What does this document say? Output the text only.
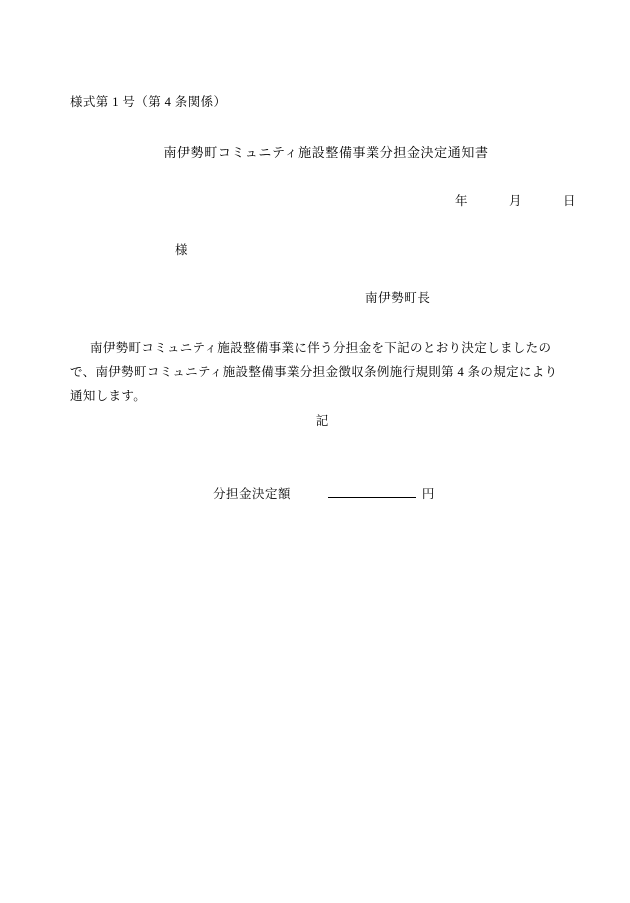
様式第 1 号（第 4 条関係）
南伊勢町コミュニティ施設整備事業分担金決定通知書
年	月	日
様
南伊勢町長
南伊勢町コミュニティ施設整備事業に伴う分担金を下記のとおり決定しましたので、南伊勢町コミュニティ施設整備事業分担金徴収条例施行規則第 4 条の規定により通知します。
記
分担金決定額	円
